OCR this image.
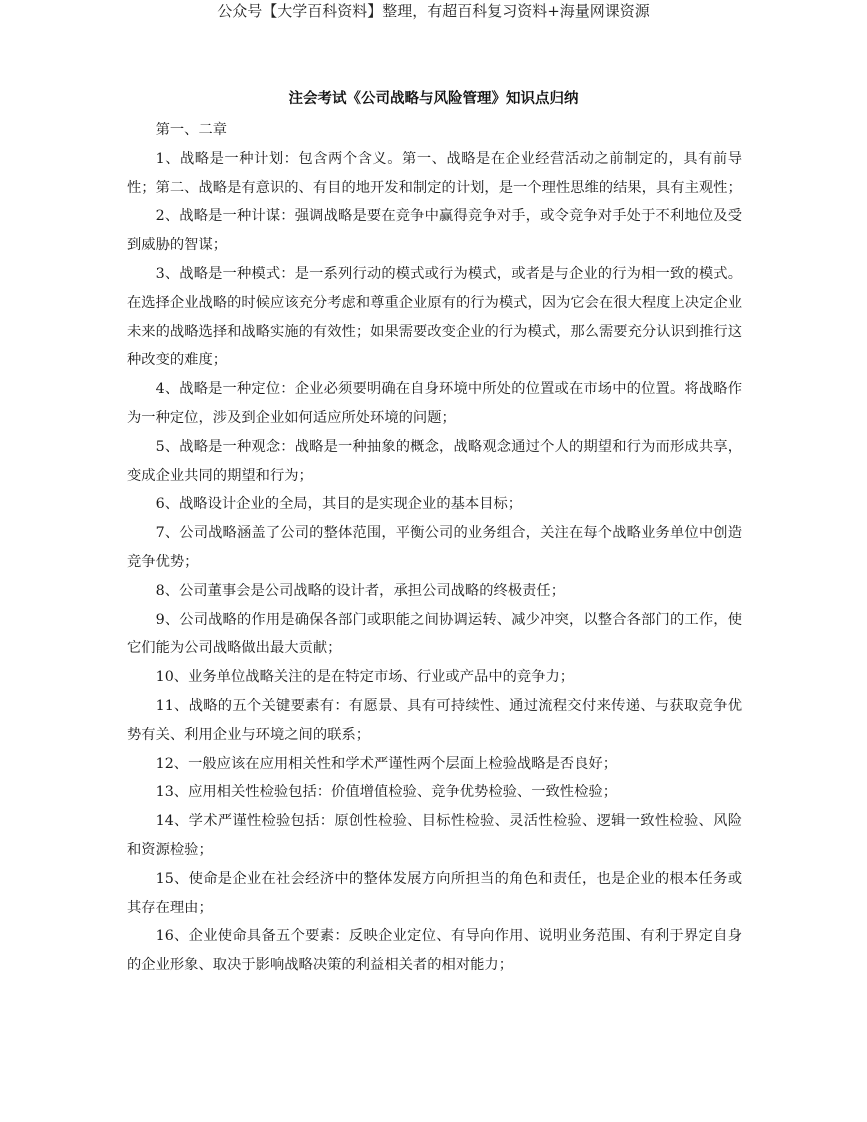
公众号【大学百科资料】整理，有超百科复习资料+海量网课资源
注会考试《公司战略与风险管理》知识点归纳

第一、二章

1、战略是一种计划：包含两个含义。第一、战略是在企业经营活动之前制定的，具有前导性；第二、战略是有意识的、有目的地开发和制定的计划，是一个理性思维的结果，具有主观性；

2、战略是一种计谋：强调战略是要在竞争中赢得竞争对手，或令竞争对手处于不利地位及受到威胁的智谋；

3、战略是一种模式：是一系列行动的模式或行为模式，或者是与企业的行为相一致的模式。在选择企业战略的时候应该充分考虑和尊重企业原有的行为模式，因为它会在很大程度上决定企业未来的战略选择和战略实施的有效性；如果需要改变企业的行为模式，那么需要充分认识到推行这种改变的难度；

4、战略是一种定位：企业必须要明确在自身环境中所处的位置或在市场中的位置。将战略作为一种定位，涉及到企业如何适应所处环境的问题；

5、战略是一种观念：战略是一种抽象的概念，战略观念通过个人的期望和行为而形成共享，变成企业共同的期望和行为；

6、战略设计企业的全局，其目的是实现企业的基本目标；

7、公司战略涵盖了公司的整体范围，平衡公司的业务组合，关注在每个战略业务单位中创造竞争优势；

8、公司董事会是公司战略的设计者，承担公司战略的终极责任；

9、公司战略的作用是确保各部门或职能之间协调运转、减少冲突，以整合各部门的工作，使它们能为公司战略做出最大贡献；

10、业务单位战略关注的是在特定市场、行业或产品中的竞争力；

11、战略的五个关键要素有：有愿景、具有可持续性、通过流程交付来传递、与获取竞争优势有关、利用企业与环境之间的联系；

12、一般应该在应用相关性和学术严谨性两个层面上检验战略是否良好；

13、应用相关性检验包括：价值增值检验、竞争优势检验、一致性检验；

14、学术严谨性检验包括：原创性检验、目标性检验、灵活性检验、逻辑一致性检验、风险和资源检验；

15、使命是企业在社会经济中的整体发展方向所担当的角色和责任，也是企业的根本任务或其存在理由；

16、企业使命具备五个要素：反映企业定位、有导向作用、说明业务范围、有利于界定自身的企业形象、取决于影响战略决策的利益相关者的相对能力；
